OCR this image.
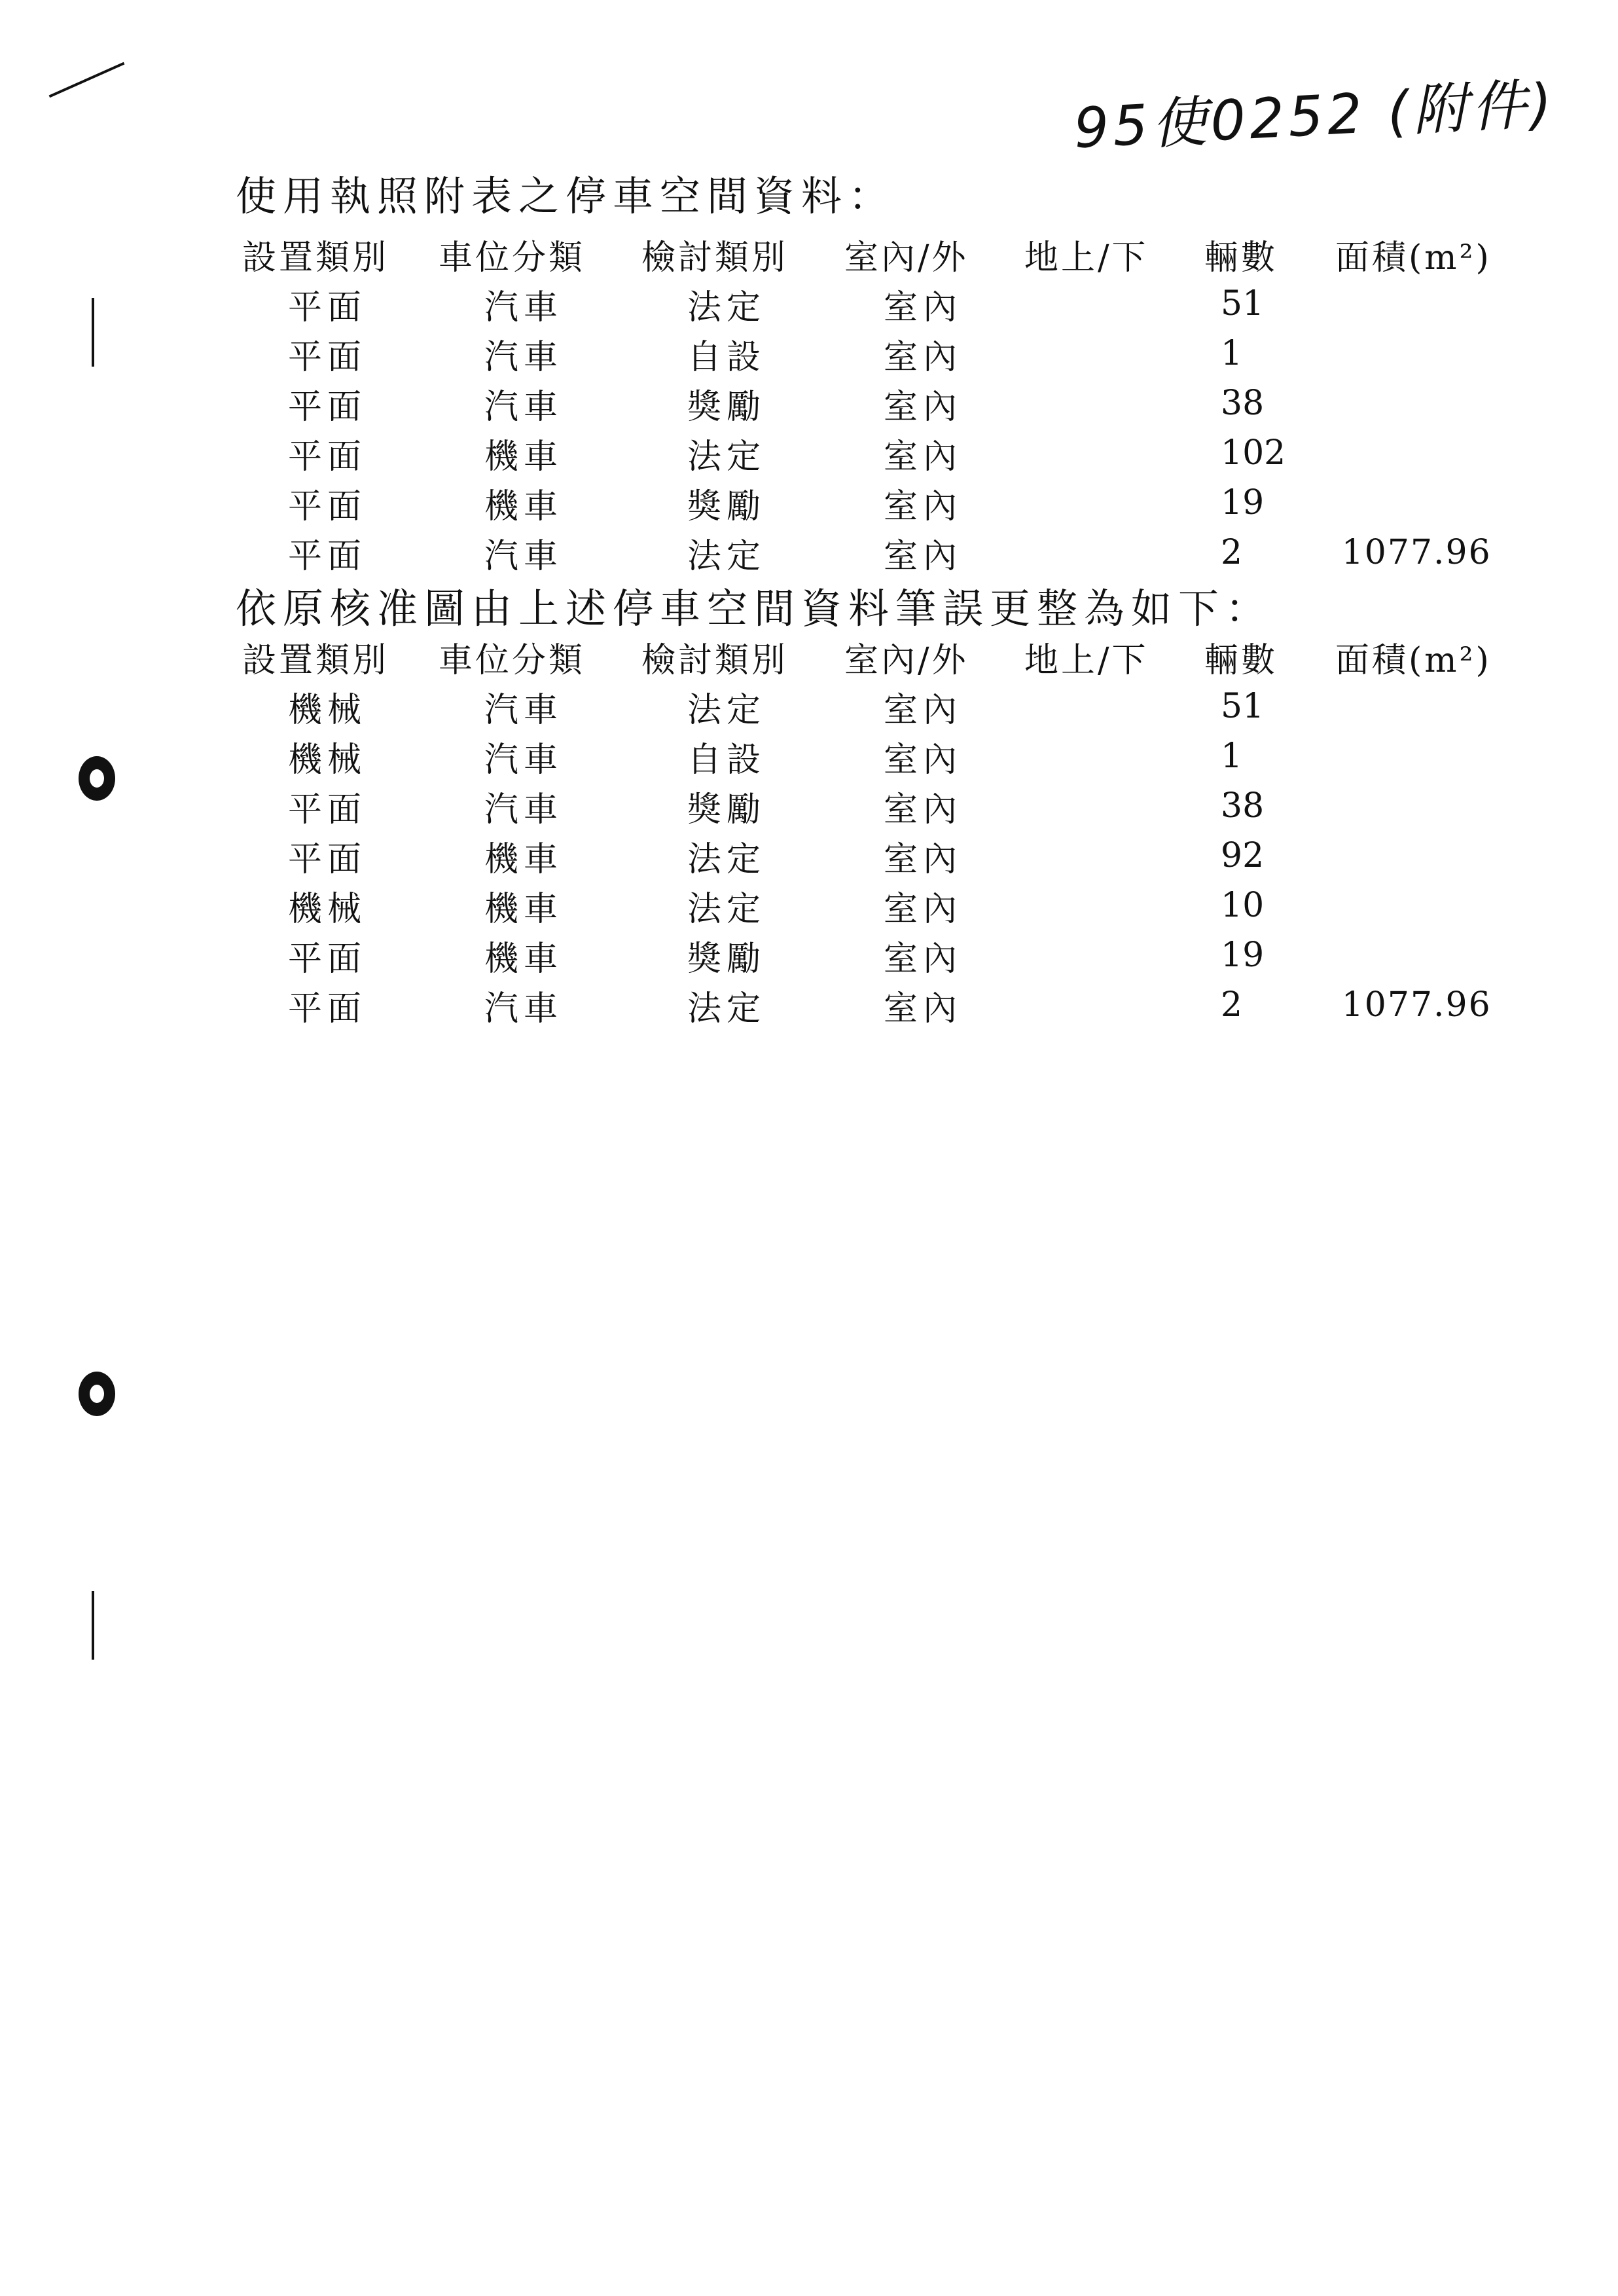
95使0252 (附件)
使用執照附表之停車空間資料：
設置類別	車位分類	檢討類別	室內/外	地上/下	輛數	面積(m²)
平面	汽車	法定	室內		51	
平面	汽車	自設	室內		1	
平面	汽車	獎勵	室內		38	
平面	機車	法定	室內		102	
平面	機車	獎勵	室內		19	
平面	汽車	法定	室內		2	1077.96
依原核准圖由上述停車空間資料筆誤更整為如下：
設置類別	車位分類	檢討類別	室內/外	地上/下	輛數	面積(m²)
機械	汽車	法定	室內		51	
機械	汽車	自設	室內		1	
平面	汽車	獎勵	室內		38	
平面	機車	法定	室內		92	
機械	機車	法定	室內		10	
平面	機車	獎勵	室內		19	
平面	汽車	法定	室內		2	1077.96
